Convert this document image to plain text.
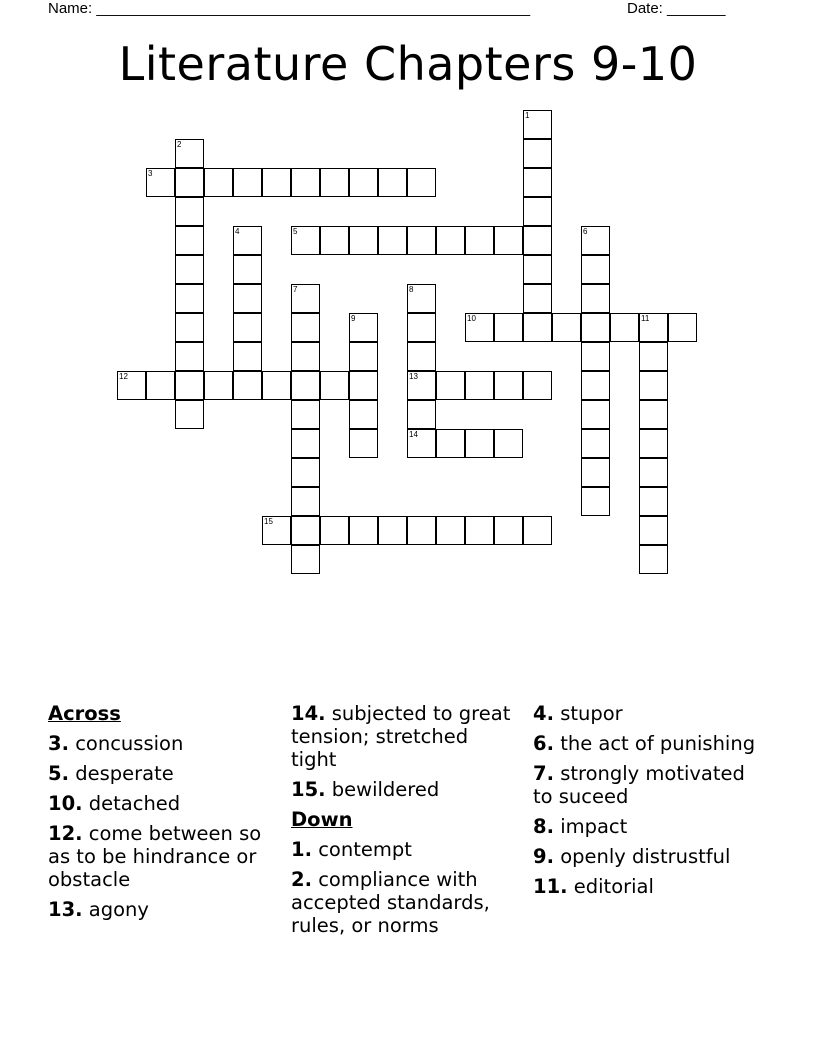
Name: ____________________________________________________	Date: _______
Literature Chapters 9-10
1
2
3
4	5	6
7	8
9	10	11
12	13
14
15
Across
3. concussion
5. desperate
10. detached
12. come between so as to be hindrance or obstacle
13. agony
14. subjected to great tension; stretched tight
15. bewildered
Down
1. contempt
2. compliance with accepted standards, rules, or norms
4. stupor
6. the act of punishing
7. strongly motivated to suceed
8. impact
9. openly distrustful
11. editorial
